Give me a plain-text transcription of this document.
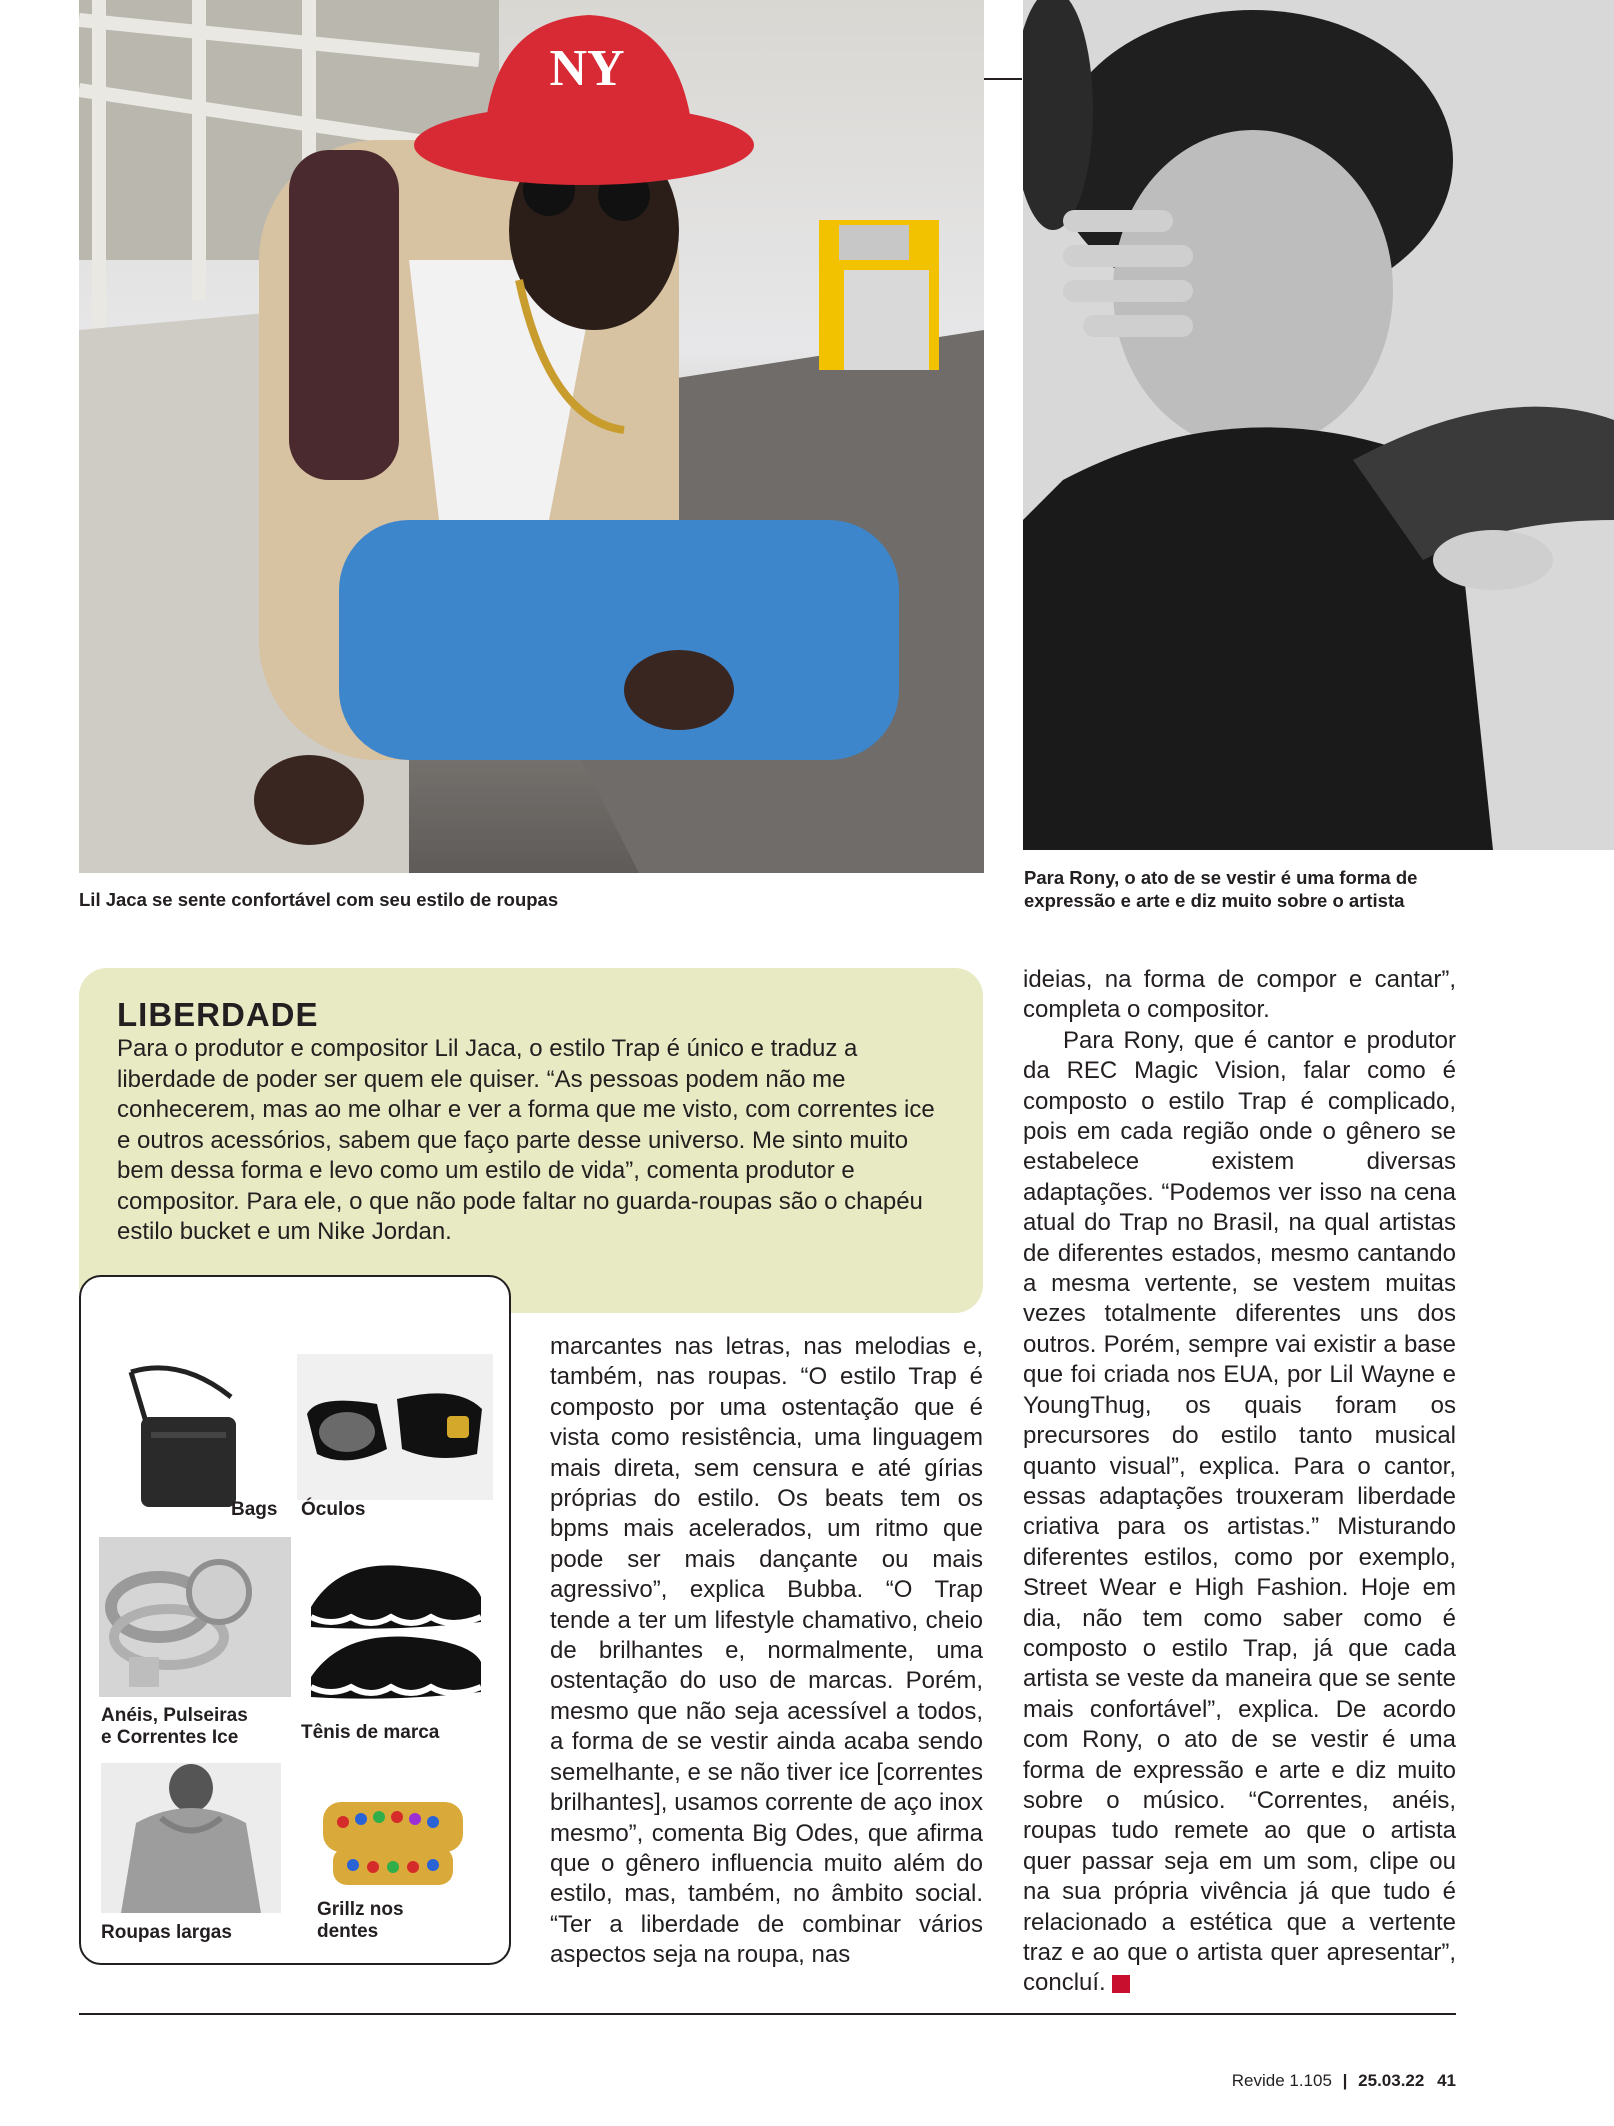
NY
Lil Jaca se sente confortável com seu estilo de roupas
Para Rony, o ato de se vestir é uma forma de expressão e arte e diz muito sobre o artista
LIBERDADE
Para o produtor e compositor Lil Jaca, o estilo Trap é único e traduz a liberdade de poder ser quem ele quiser. “As pessoas podem não me conhecerem, mas ao me olhar e ver a forma que me visto, com correntes ice e outros acessórios, sabem que faço parte desse universo. Me sinto muito bem dessa forma e levo como um estilo de vida”, comenta produtor e compositor. Para ele, o que não pode faltar no guarda-roupas são o chapéu estilo bucket e um Nike Jordan.
Bags Óculos
Anéis, Pulseiras
e Correntes Ice	Tênis de marca
Roupas largas
Grillz nos
dentes

marcantes nas letras, nas melodias e, também, nas roupas. “O estilo Trap é composto por uma ostentação que é vista como resistência, uma linguagem mais direta, sem censura e até gírias próprias do estilo. Os beats tem os bpms mais acelerados, um ritmo que pode ser mais dançante ou mais agressivo”, explica Bubba. “O Trap tende a ter um lifestyle chamativo, cheio de brilhantes e, normalmente, uma ostentação do uso de marcas. Porém, mesmo que não seja acessível a todos, a forma de se vestir ainda acaba sendo semelhante, e se não tiver ice [correntes brilhantes], usamos corrente de aço inox mesmo”, comenta Big Odes, que afirma que o gênero influencia muito além do estilo, mas, também, no âmbito social. “Ter a liberdade de combinar vários aspectos seja na roupa, nas

ideias, na forma de compor e cantar”, completa o compositor.

Para Rony, que é cantor e produtor da REC Magic Vision, falar como é composto o estilo Trap é complicado, pois em cada região onde o gênero se estabelece existem diversas adaptações. “Podemos ver isso na cena atual do Trap no Brasil, na qual artistas de diferentes estados, mesmo cantando a mesma vertente, se vestem muitas vezes totalmente diferentes uns dos outros. Porém, sempre vai existir a base que foi criada nos EUA, por Lil Wayne e YoungThug, os quais foram os precursores do estilo tanto musical quanto visual”, explica. Para o cantor, essas adaptações trouxeram liberdade criativa para os artistas.” Misturando diferentes estilos, como por exemplo, Street Wear e High Fashion. Hoje em dia, não tem como saber como é composto o estilo Trap, já que cada artista se veste da maneira que se sente mais confortável”, explica. De acordo com Rony, o ato de se vestir é uma forma de expressão e arte e diz muito sobre o músico. “Correntes, anéis, roupas tudo remete ao que o artista quer passar seja em um som, clipe ou na sua própria vivência já que tudo é relacionado a estética que a vertente traz e ao que o artista quer apresentar”, concluí.	R

Revide 1.105 | 25.03.22 41
